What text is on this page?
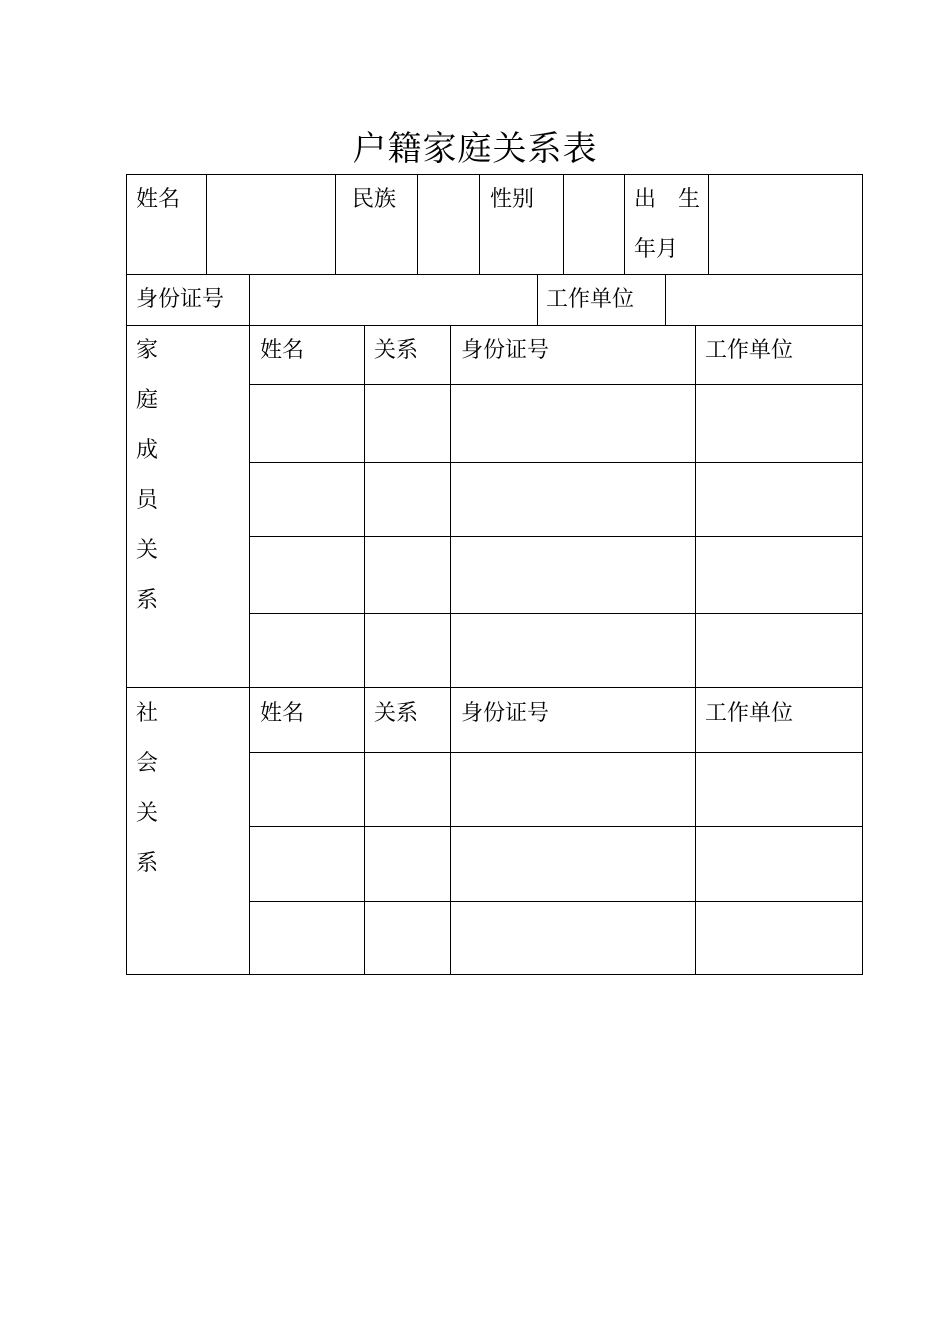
户籍家庭关系表
姓名	民族	性别	出　生
年月
身份证号	工作单位
家
庭
成
员
关
系
姓名	关系 身份证号	工作单位
社
会
关
系
姓名	关系 身份证号	工作单位
